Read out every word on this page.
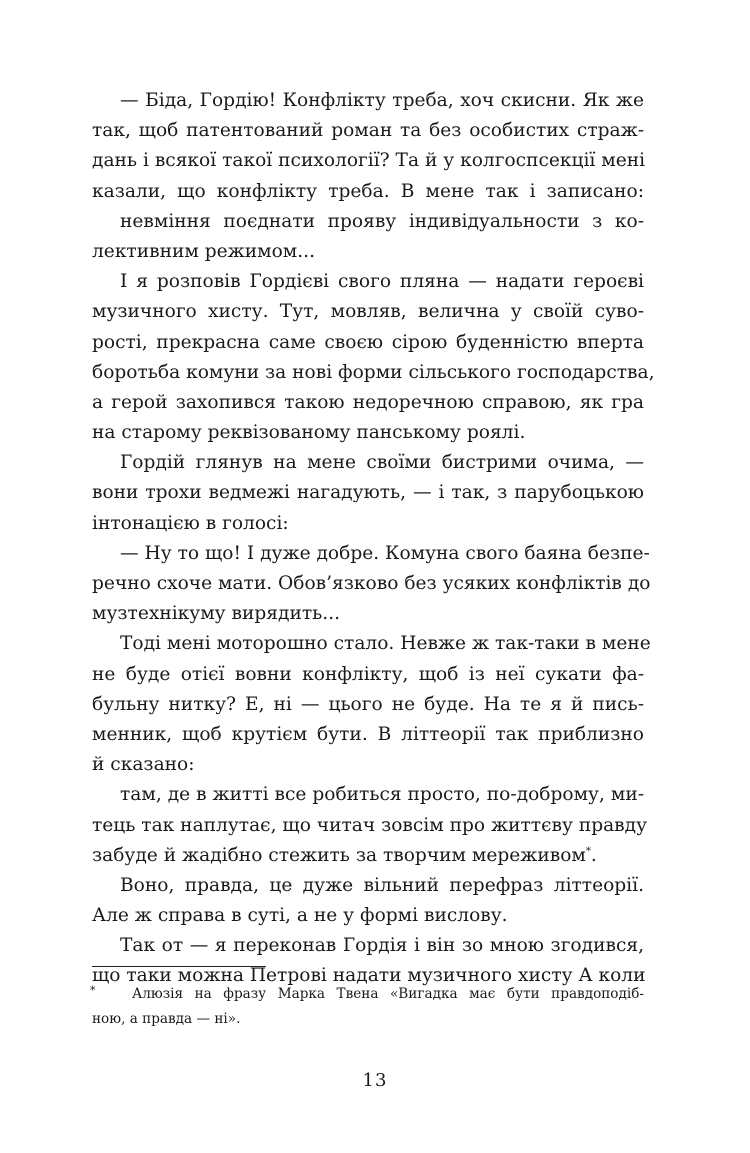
— Біда, Гордію! Конфлікту треба, хоч скисни. Як же
так, щоб патентований роман та без особистих страж-
дань і всякої такої психології? Та й у колгоспсекції мені
казали, що конфлікту треба. В мене так і записано:
невміння поєднати прояву індивідуальности з ко-
лективним режимом...
І я розповів Гордієві свого пляна — надати героєві
музичного хисту. Тут, мовляв, велична у своїй суво-
рості, прекрасна саме своєю сірою буденністю вперта
боротьба комуни за нові форми сільського господарства,
а герой захопився такою недоречною справою, як гра
на старому реквізованому панському роялі.
Гордій глянув на мене своїми бистрими очима, —
вони трохи ведмежі нагадують, — і так, з парубоцькою
інтонацією в голосі:
— Ну то що! І дуже добре. Комуна свого баяна безпе-
речно схоче мати. Обов’язково без усяких конфліктів до
музтехнікуму вирядить...
Тоді мені моторошно стало. Невже ж так-таки в мене
не буде отієї вовни конфлікту, щоб із неї сукати фа-
бульну нитку? Е, ні — цього не буде. На те я й пись-
менник, щоб крутієм бути. В літтеорії так приблизно
й сказано:
там, де в житті все робиться просто, по-доброму, ми-
тець так наплутає, що читач зовсім про життєву правду
забуде й жадібно стежить за творчим мереживом*.
Воно, правда, це дуже вільний перефраз літтеорії.
Але ж справа в суті, а не у формі вислову.
Так от — я переконав Гордія і він зо мною згодився,
що таки можна Петрові надати музичного хисту А коли
*	Алюзія на фразу Марка Твена «Вигадка має бути правдоподіб-
ною, а правда — ні».
13
